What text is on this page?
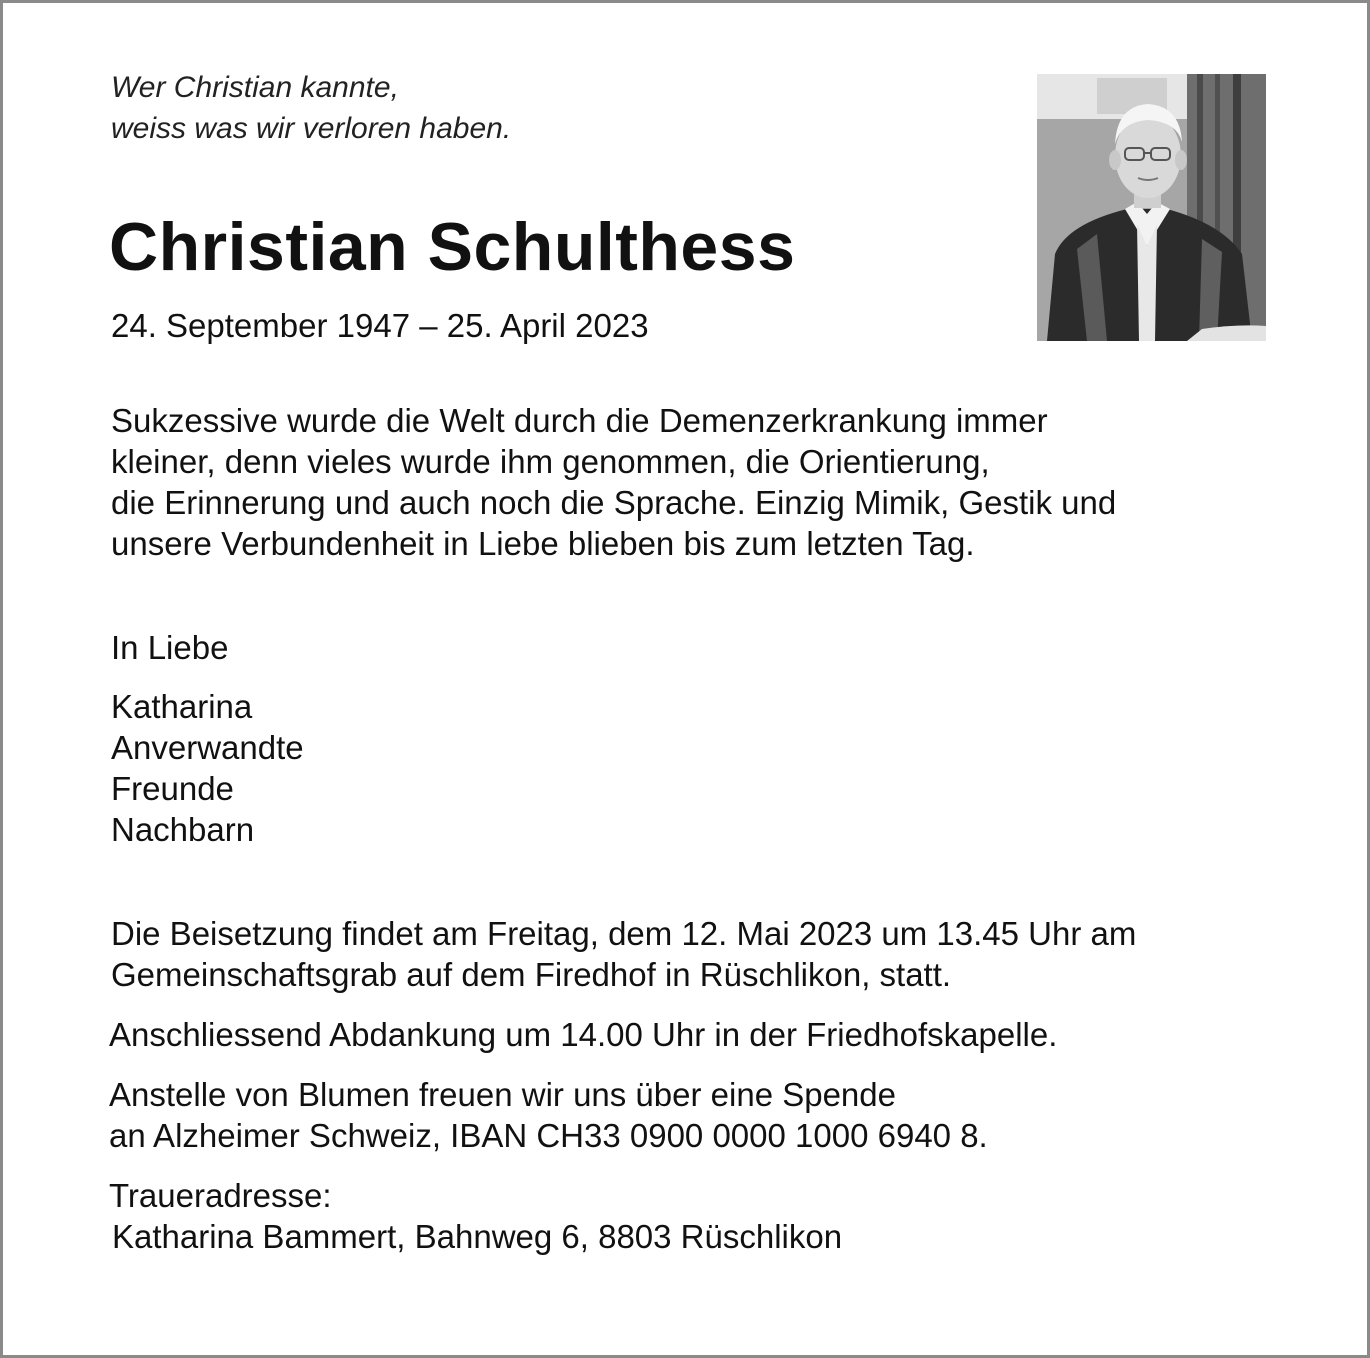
Wer Christian kannte,
weiss was wir verloren haben.
Christian Schulthess
24. September 1947 – 25. April 2023
Sukzessive wurde die Welt durch die Demenzerkrankung immer
kleiner, denn vieles wurde ihm genommen, die Orientierung,
die Erinnerung und auch noch die Sprache. Einzig Mimik, Gestik und
unsere Verbundenheit in Liebe blieben bis zum letzten Tag.
In Liebe
Katharina
Anverwandte
Freunde
Nachbarn
Die Beisetzung findet am Freitag, dem 12. Mai 2023 um 13.45 Uhr am
Gemeinschaftsgrab auf dem Firedhof in Rüschlikon, statt.
Anschliessend Abdankung um 14.00 Uhr in der Friedhofskapelle.
Anstelle von Blumen freuen wir uns über eine Spende
an Alzheimer Schweiz, IBAN CH33 0900 0000 1000 6940 8.
Traueradresse:
Katharina Bammert, Bahnweg 6, 8803 Rüschlikon
